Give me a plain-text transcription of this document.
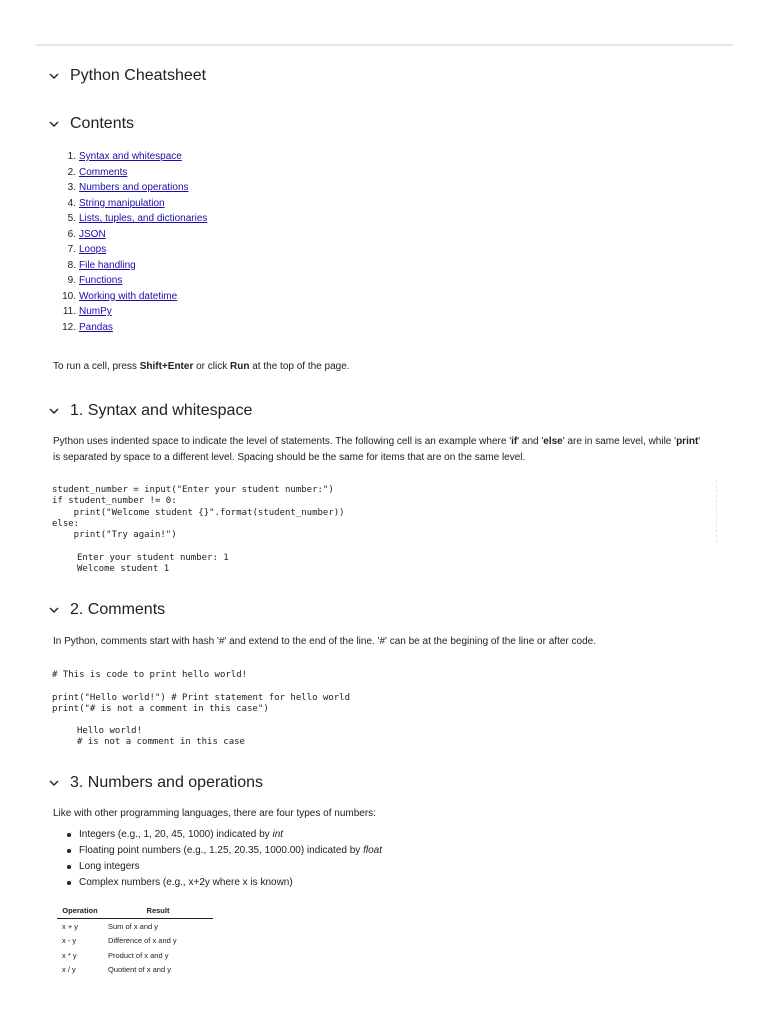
Python Cheatsheet
Contents
1. Syntax and whitespace
2. Comments
3. Numbers and operations
4. String manipulation
5. Lists, tuples, and dictionaries
6. JSON
7. Loops
8. File handling
9. Functions
10. Working with datetime
11. NumPy
12. Pandas
To run a cell, press Shift+Enter or click Run at the top of the page.
1. Syntax and whitespace
Python uses indented space to indicate the level of statements. The following cell is an example where 'if' and 'else' are in same level, while 'print' is separated by space to a different level. Spacing should be the same for items that are on the same level.
student_number = input("Enter your student number:")
if student_number != 0:
print("Welcome student {}".format(student_number))
else:
print("Try again!")
Enter your student number: 1
Welcome student 1
2. Comments
In Python, comments start with hash '#' and extend to the end of the line. '#' can be at the begining of the line or after code.
# This is code to print hello world!

print("Hello world!") # Print statement for hello world
print("# is not a comment in this case")
Hello world!
# is not a comment in this case
3. Numbers and operations
Like with other programming languages, there are four types of numbers:
Integers (e.g., 1, 20, 45, 1000) indicated by int
Floating point numbers (e.g., 1.25, 20.35, 1000.00) indicated by float
Long integers
Complex numbers (e.g., x+2y where x is known)
Operation	Result
x + y	Sum of x and y
x - y	Difference of x and y
x * y	Product of x and y
x / y	Quotient of x and y
